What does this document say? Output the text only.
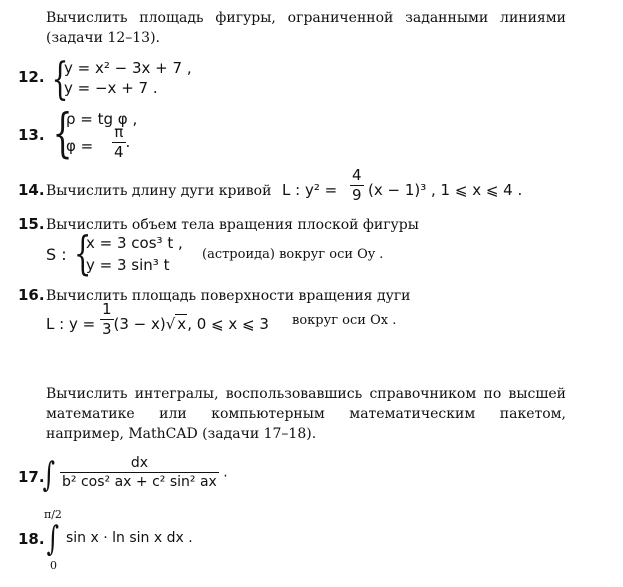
Вычислить площадь фигуры, ограниченной заданными линиями (задачи 12–13).
12. {
y = x² − 3x + 7 ,
y = −x + 7 .
13. {
ρ = tg φ ,
$\varphi = \frac{\pi}{4}$ .
14. Вычислить длину дуги кривой L : $y^2 = \frac{4}{9} (x - 1)^3$ , 1 ⩽ x ⩽ 4 .
15. Вычислить объем тела вращения плоской фигуры
S : {
x = 3 cos³ t ,
y = 3 sin³ t
(астроида) вокруг оси Oy .
16. Вычислить площадь поверхности вращения дуги
L : $y = \frac{1}{3} (3 - x)√$ x, 0 ⩽ x ⩽ 3 вокруг оси Ox .
Вычислить интегралы, воспользовавшись справочником по высшей математике или компьютерным математическим пакетом, например, MathCAD (задачи 17–18).
17.
∫ $\frac{dx}{\text{b² cos² ax + c² sin² ax}}$ .
18.
π/2
∫
0
sin x · ln sin x dx .
